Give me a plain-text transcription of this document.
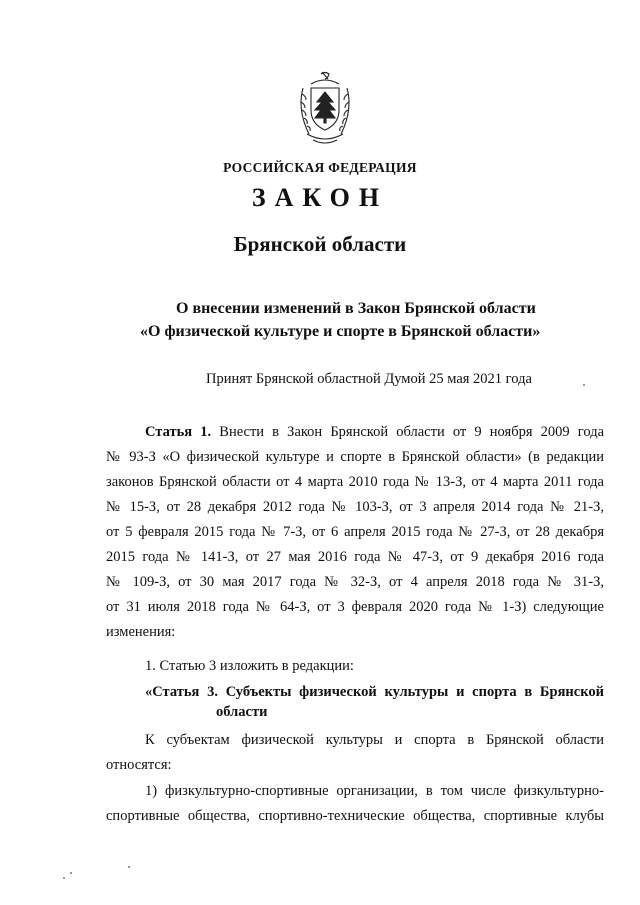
РОССИЙСКАЯ ФЕДЕРАЦИЯ
ЗАКОН
Брянской области
О внесении изменений в Закон Брянской области
«О физической культуре и спорте в Брянской области»
Принят Брянской областной Думой 25 мая 2021 года
Статья 1. Внести в Закон Брянской области от 9 ноября 2009 года
№ 93-З «О физической культуре и спорте в Брянской области» (в редакции
законов Брянской области от 4 марта 2010 года № 13-З, от 4 марта 2011 года
№ 15-З, от 28 декабря 2012 года № 103-З, от 3 апреля 2014 года № 21-З,
от 5 февраля 2015 года № 7-З, от 6 апреля 2015 года № 27-З, от 28 декабря
2015 года № 141-З, от 27 мая 2016 года № 47-З, от 9 декабря 2016 года
№ 109-З, от 30 мая 2017 года № 32-З, от 4 апреля 2018 года № 31-З,
от 31 июля 2018 года № 64-З, от 3 февраля 2020 года № 1-З) следующие
изменения:
1. Статью 3 изложить в редакции:
«Статья 3. Субъекты физической культуры и спорта в Брянской
области
К субъектам физической культуры и спорта в Брянской области
относятся:
1) физкультурно-спортивные организации, в том числе физкультурно-
спортивные общества, спортивно-технические общества, спортивные клубы
